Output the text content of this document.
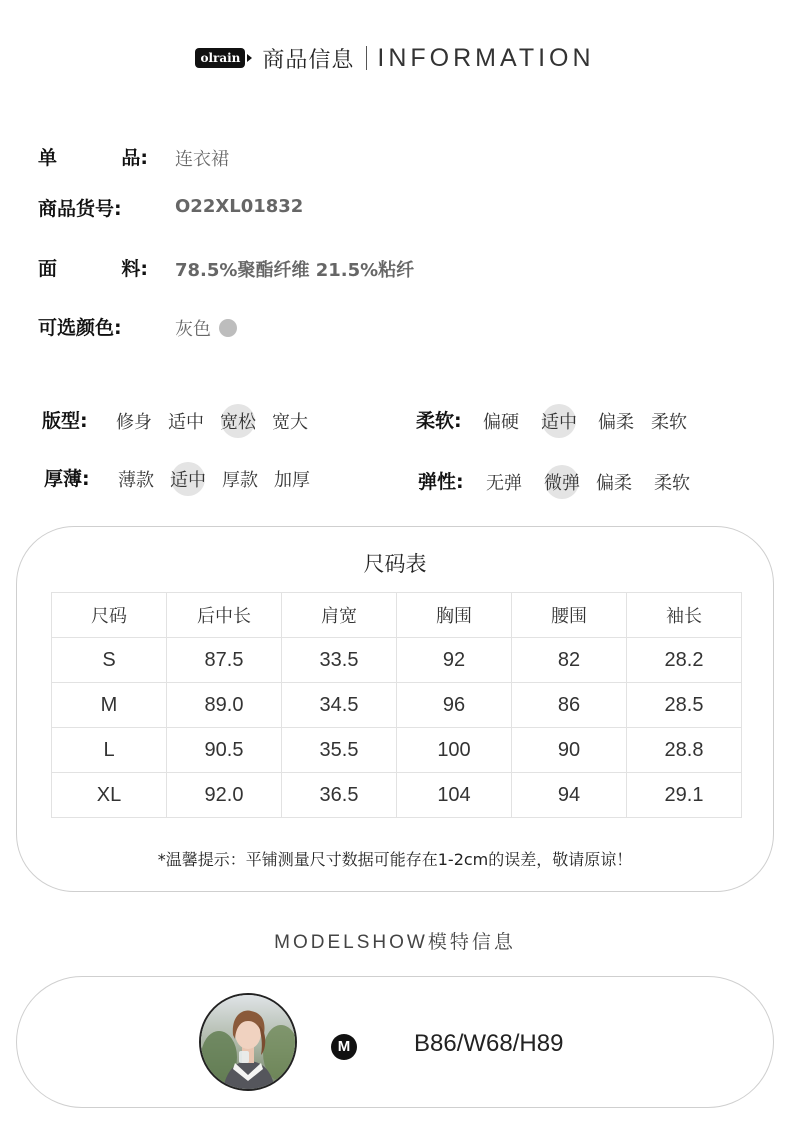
olrain 商品信息 INFORMATION
单	品: 连衣裙
商品货号:	O22XL01832
面	料: 78.5%聚酯纤维 21.5%粘纤
可选颜色:	灰色
版型: 修身 适中 宽松 宽大	柔软: 偏硬 适中 偏柔 柔软
厚薄: 薄款 适中 厚款 加厚	弹性: 无弹 微弹 偏柔 柔软
尺码表
尺码	后中长	肩宽	胸围	腰围	袖长
S	87.5	33.5	92	82	28.2
M	89.0	34.5	96	86	28.5
L	90.5	35.5	100	90	28.8
XL	92.0	36.5	104	94	29.1
*温馨提示：平铺测量尺寸数据可能存在1-2cm的误差，敬请原谅！
MODELSHOW模特信息
M	B86/W68/H89
